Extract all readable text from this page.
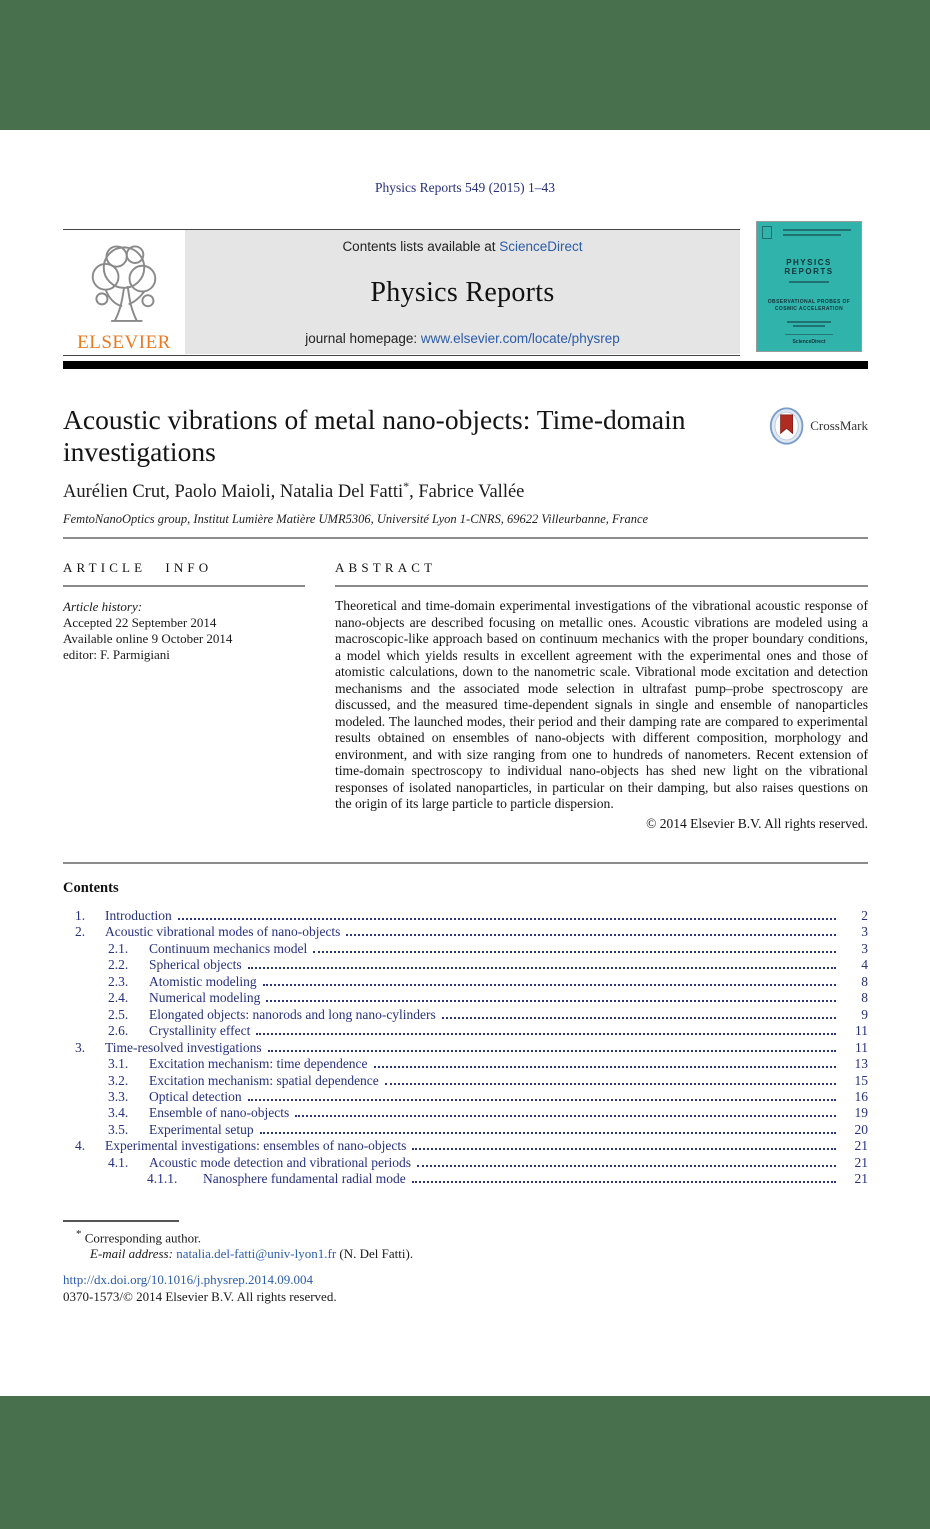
Physics Reports 549 (2015) 1–43
ELSEVIER
Contents lists available at ScienceDirect
Physics Reports
journal homepage: www.elsevier.com/locate/physrep
PHYSICS REPORTS
OBSERVATIONAL PROBES OF COSMIC ACCELERATION
ScienceDirect
Acoustic vibrations of metal nano-objects: Time-domain investigations
CrossMark
Aurélien Crut, Paolo Maioli, Natalia Del Fatti*, Fabrice Vallée
FemtoNanoOptics group, Institut Lumière Matière UMR5306, Université Lyon 1-CNRS, 69622 Villeurbanne, France
ARTICLE INFO
Article history:
Accepted 22 September 2014
Available online 9 October 2014
editor: F. Parmigiani
ABSTRACT

Theoretical and time-domain experimental investigations of the vibrational acoustic response of nano-objects are described focusing on metallic ones. Acoustic vibrations are modeled using a macroscopic-like approach based on continuum mechanics with the proper boundary conditions, a model which yields results in excellent agreement with the experimental ones and those of atomistic calculations, down to the nanometric scale. Vibrational mode excitation and detection mechanisms and the associated mode selection in ultrafast pump–probe spectroscopy are discussed, and the measured time-dependent signals in single and ensemble of nanoparticles modeled. The launched modes, their period and their damping rate are compared to experimental results obtained on ensembles of nano-objects with different composition, morphology and environment, and with size ranging from one to hundreds of nanometers. Recent extension of time-domain spectroscopy to individual nano-objects has shed new light on the vibrational responses of isolated nanoparticles, in particular on their damping, but also raises questions on the origin of its large particle to particle dispersion.

© 2014 Elsevier B.V. All rights reserved.
Contents
1.	Introduction	2
2.	Acoustic vibrational modes of nano-objects	3
2.1.	Continuum mechanics model	3
2.2.	Spherical objects	4
2.3.	Atomistic modeling	8
2.4.	Numerical modeling	8
2.5.	Elongated objects: nanorods and long nano-cylinders	9
2.6.	Crystallinity effect	11
3.	Time-resolved investigations	11
3.1.	Excitation mechanism: time dependence	13
3.2.	Excitation mechanism: spatial dependence	15
3.3.	Optical detection	16
3.4.	Ensemble of nano-objects	19
3.5.	Experimental setup	20
4.	Experimental investigations: ensembles of nano-objects	21
4.1.	Acoustic mode detection and vibrational periods	21
4.1.1.	Nanosphere fundamental radial mode	21
* Corresponding author.
E-mail address: natalia.del-fatti@univ-lyon1.fr (N. Del Fatti).
http://dx.doi.org/10.1016/j.physrep.2014.09.004
0370-1573/© 2014 Elsevier B.V. All rights reserved.
